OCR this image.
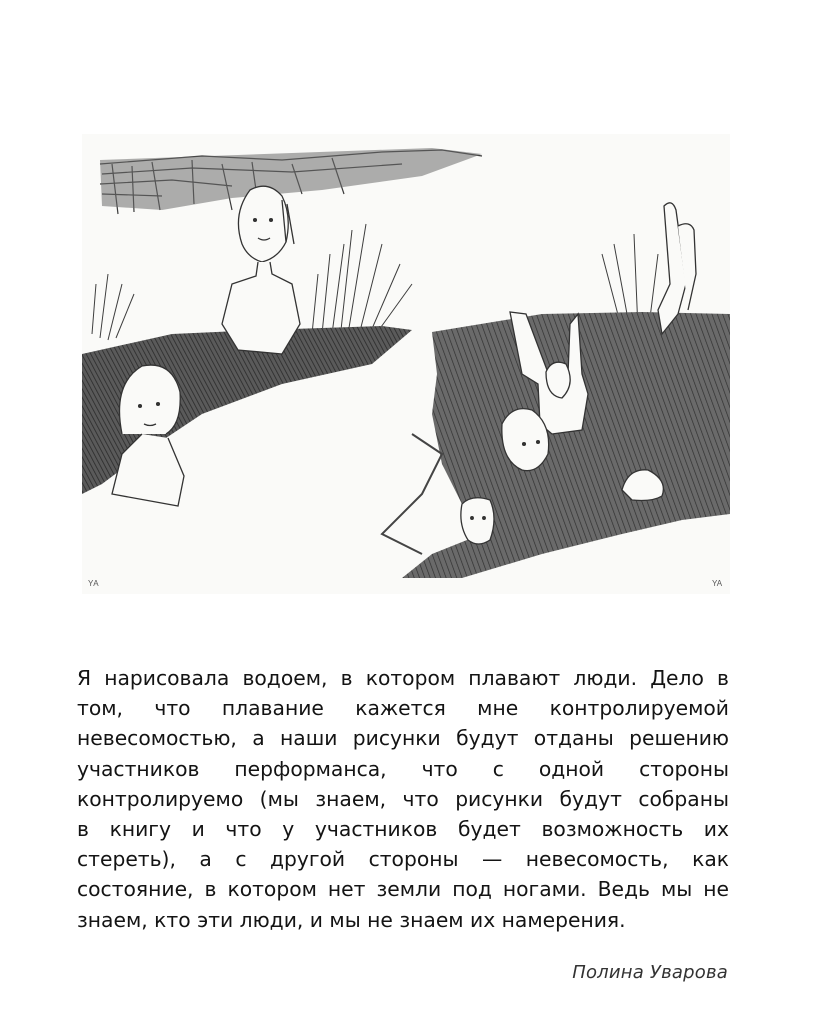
YA	YA
Я нарисовала водоем, в котором плавают люди. Дело в
том, что плавание кажется мне контролируемой
невесомостью, а наши рисунки будут отданы решению
участников перформанса, что с одной стороны
контролируемо (мы знаем, что рисунки будут собраны
в книгу и что у участников будет возможность их
стереть), а с другой стороны — невесомость, как
состояние, в котором нет земли под ногами. Ведь мы не
знаем, кто эти люди, и мы не знаем их намерения.
Полина Уварова
